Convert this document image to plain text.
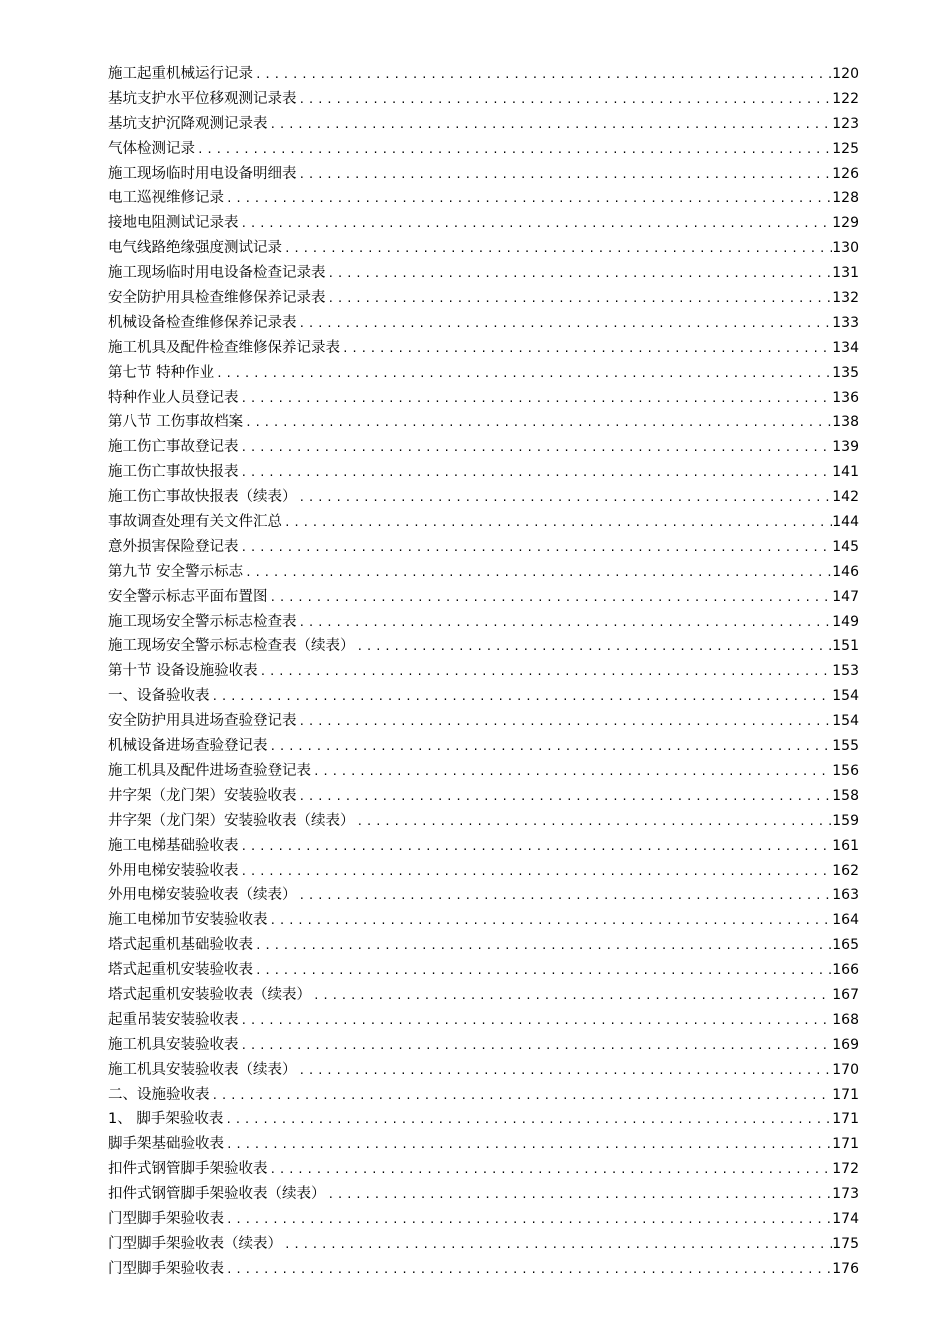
施工起重机械运行记录 .....	120
基坑支护水平位移观测记录表 .....	122
基坑支护沉降观测记录表 .....	123
气体检测记录 .....	125
施工现场临时用电设备明细表 .....	126
电工巡视维修记录 .....	128
接地电阻测试记录表 .....	129
电气线路绝缘强度测试记录 .....	130
施工现场临时用电设备检查记录表 .....	131
安全防护用具检查维修保养记录表 .....	132
机械设备检查维修保养记录表 .....	133
施工机具及配件检查维修保养记录表 .....	134
第七节 特种作业 .....	135
特种作业人员登记表 .....	136
第八节 工伤事故档案 .....	138
施工伤亡事故登记表 .....	139
施工伤亡事故快报表 .....	141
施工伤亡事故快报表（续表） .....	142
事故调查处理有关文件汇总 .....	144
意外损害保险登记表 .....	145
第九节 安全警示标志 .....	146
安全警示标志平面布置图 .....	147
施工现场安全警示标志检查表 .....	149
施工现场安全警示标志检查表（续表） .....	151
第十节 设备设施验收表 .....	153
一、设备验收表 .....	154
安全防护用具进场查验登记表 .....	154
机械设备进场查验登记表 .....	155
施工机具及配件进场查验登记表 .....	156
井字架（龙门架）安装验收表 .....	158
井字架（龙门架）安装验收表（续表） .....	159
施工电梯基础验收表 .....	161
外用电梯安装验收表 .....	162
外用电梯安装验收表（续表） .....	163
施工电梯加节安装验收表 .....	164
塔式起重机基础验收表 .....	165
塔式起重机安装验收表 .....	166
塔式起重机安装验收表（续表） .....	167
起重吊装安装验收表 .....	168
施工机具安装验收表 .....	169
施工机具安装验收表（续表） .....	170
二、设施验收表 .....	171
1、 脚手架验收表 .....	171
脚手架基础验收表 .....	171
扣件式钢管脚手架验收表 .....	172
扣件式钢管脚手架验收表（续表） .....	173
门型脚手架验收表 .....	174
门型脚手架验收表（续表） .....	175
门型脚手架验收表 .....	176
